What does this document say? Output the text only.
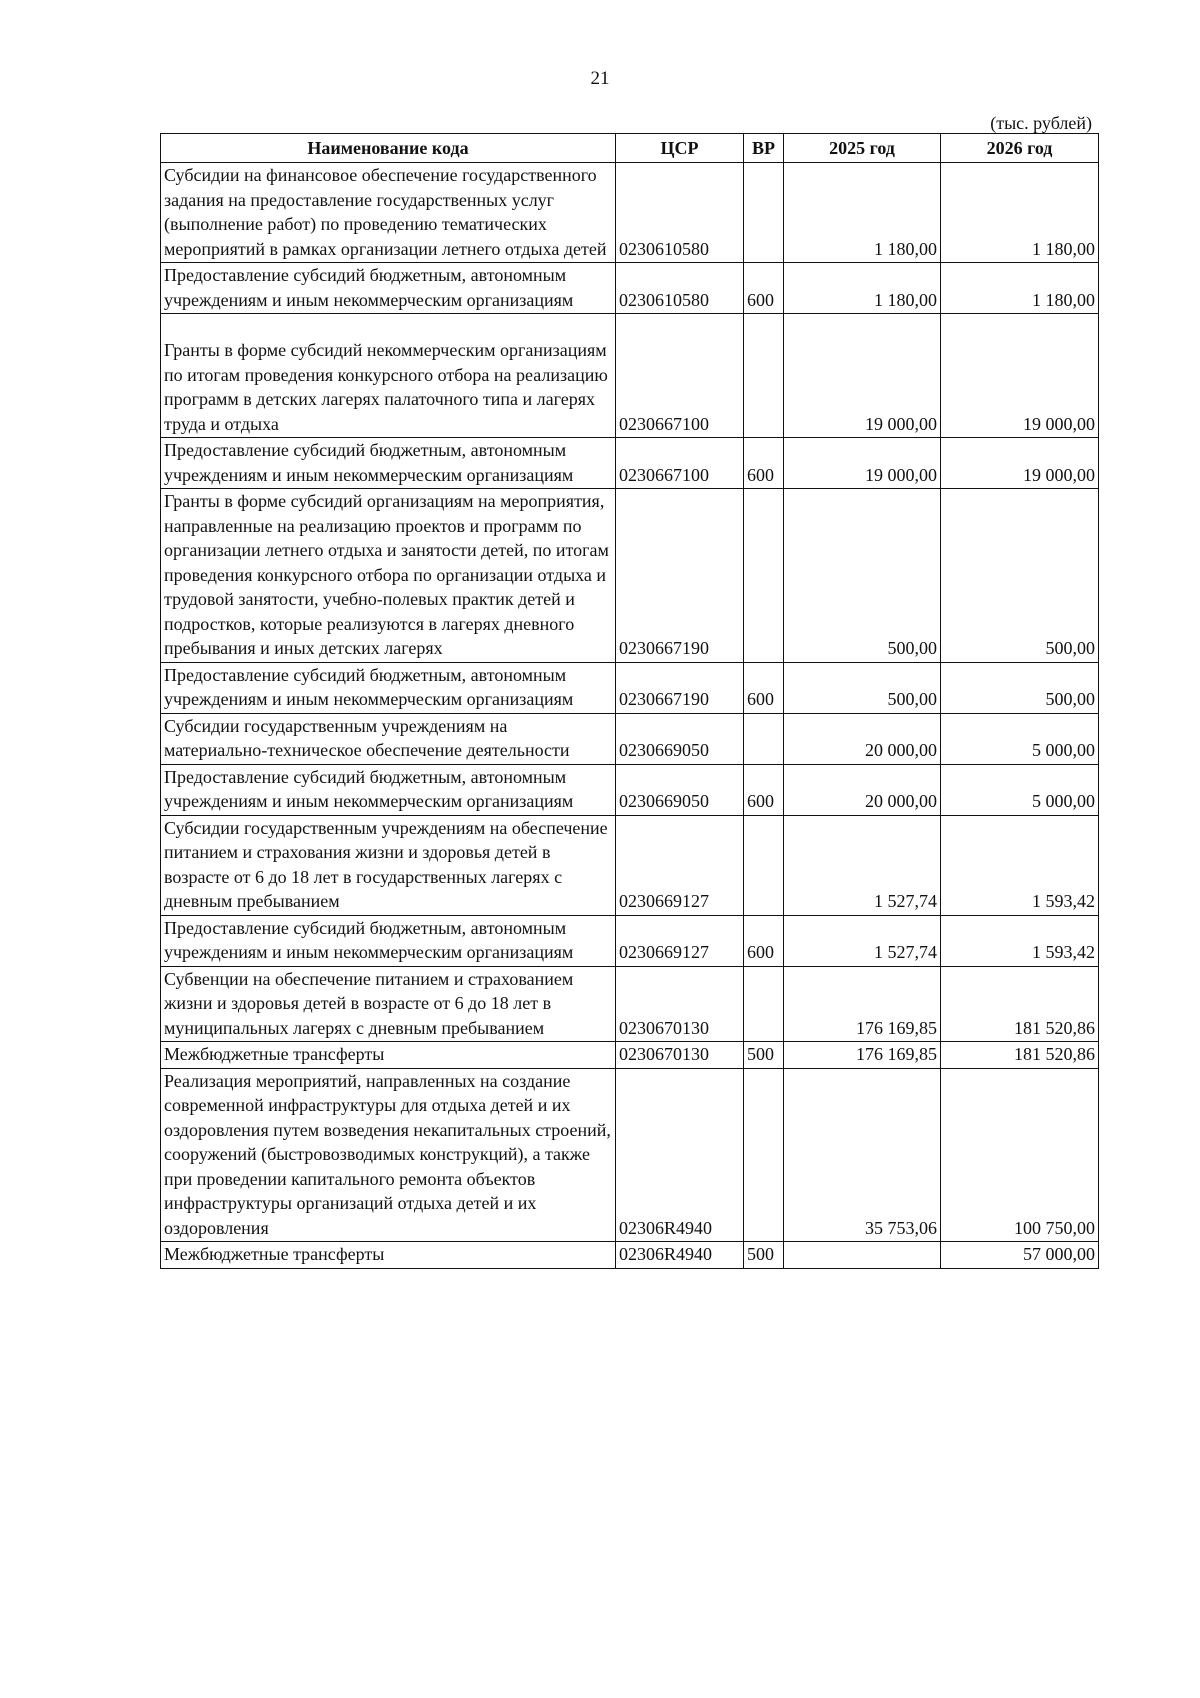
21
(тыс. рублей)
Наименование кода	ЦСР	ВР	2025 год	2026 год
Субсидии на финансовое обеспечение государственного задания на предоставление государственных услуг (выполнение работ) по проведению тематических мероприятий в рамках организации летнего отдыха детей	0230610580		1 180,00	1 180,00
Предоставление субсидий бюджетным, автономным учреждениям и иным некоммерческим организациям	0230610580	600	1 180,00	1 180,00
Гранты в форме субсидий некоммерческим организациям по итогам проведения конкурсного отбора на реализацию программ в детских лагерях палаточного типа и лагерях труда и отдыха	0230667100		19 000,00	19 000,00
Предоставление субсидий бюджетным, автономным учреждениям и иным некоммерческим организациям	0230667100	600	19 000,00	19 000,00
Гранты в форме субсидий организациям на мероприятия, направленные на реализацию проектов и программ по организации летнего отдыха и занятости детей, по итогам проведения конкурсного отбора по организации отдыха и трудовой занятости, учебно-полевых практик детей и подростков, которые реализуются в лагерях дневного пребывания и иных детских лагерях	0230667190		500,00	500,00
Предоставление субсидий бюджетным, автономным учреждениям и иным некоммерческим организациям	0230667190	600	500,00	500,00
Субсидии государственным учреждениям на материально-техническое обеспечение деятельности	0230669050		20 000,00	5 000,00
Предоставление субсидий бюджетным, автономным учреждениям и иным некоммерческим организациям	0230669050	600	20 000,00	5 000,00
Субсидии государственным учреждениям на обеспечение питанием и страхования жизни и здоровья детей в возрасте от 6 до 18 лет в государственных лагерях с дневным пребыванием	0230669127		1 527,74	1 593,42
Предоставление субсидий бюджетным, автономным учреждениям и иным некоммерческим организациям	0230669127	600	1 527,74	1 593,42
Субвенции на обеспечение питанием и страхованием жизни и здоровья детей в возрасте от 6 до 18 лет в муниципальных лагерях с дневным пребыванием	0230670130		176 169,85	181 520,86
Межбюджетные трансферты	0230670130	500	176 169,85	181 520,86
Реализация мероприятий, направленных на создание современной инфраструктуры для отдыха детей и их оздоровления путем возведения некапитальных строений, сооружений (быстровозводимых конструкций), а также при проведении капитального ремонта объектов инфраструктуры организаций отдыха детей и их оздоровления	02306R4940		35 753,06	100 750,00
Межбюджетные трансферты	02306R4940	500		57 000,00
